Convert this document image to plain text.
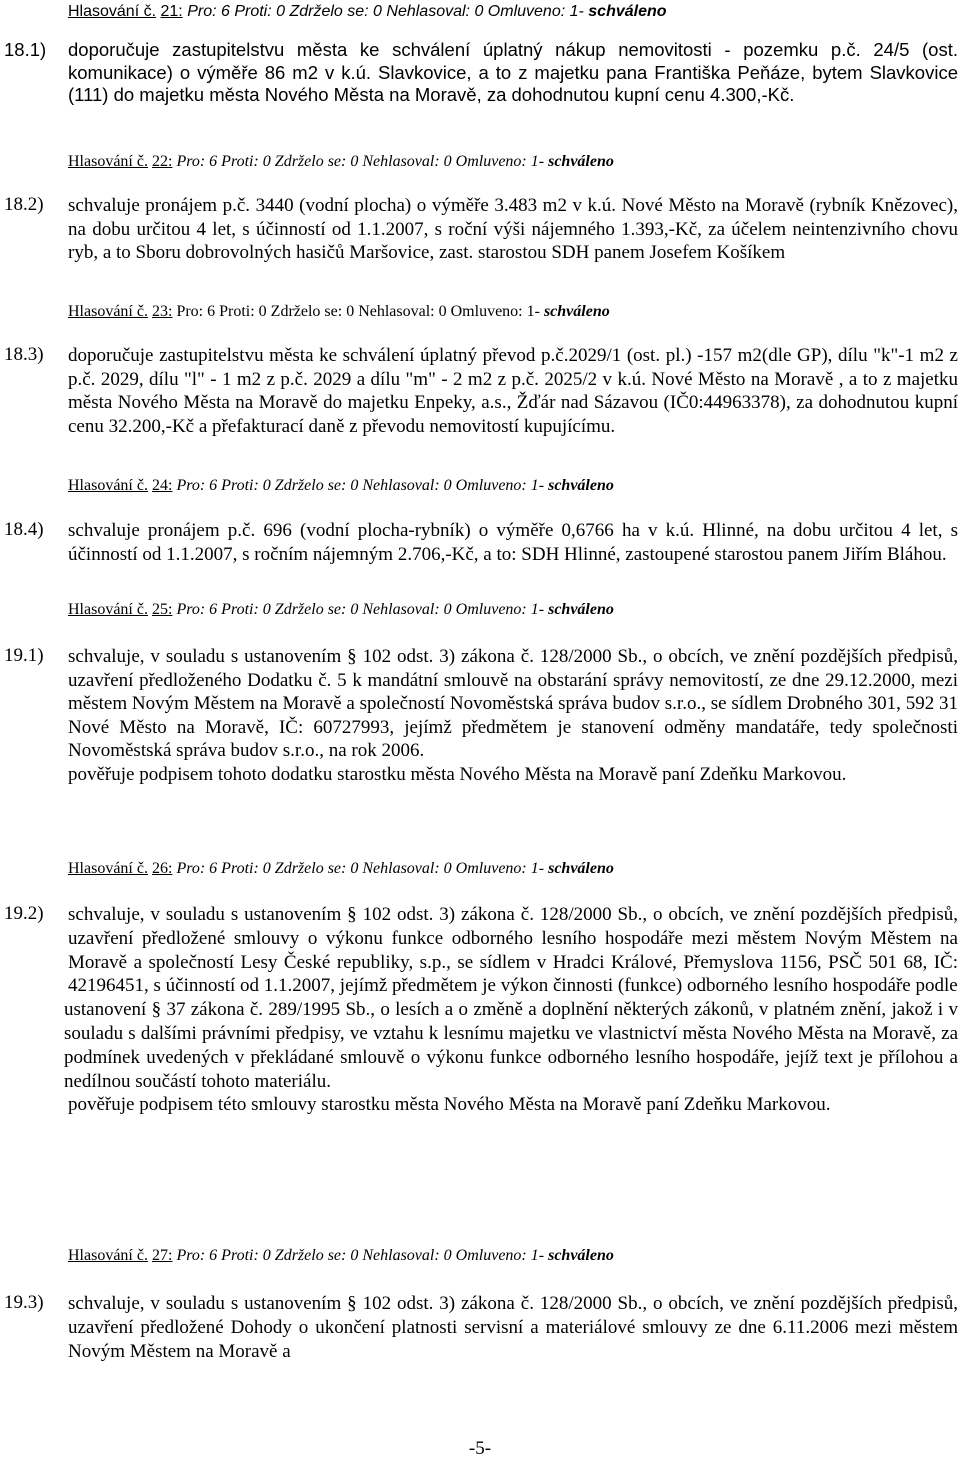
Hlasování č. 21: Pro: 6 Proti: 0 Zdrželo se: 0 Nehlasoval: 0 Omluveno: 1- schváleno
18.1) doporučuje zastupitelstvu města ke schválení úplatný nákup nemovitosti - pozemku p.č. 24/5 (ost. komunikace) o výměře 86 m2 v k.ú. Slavkovice, a to z majetku pana Františka Peňáze, bytem Slavkovice (111) do majetku města Nového Města na Moravě, za dohodnutou kupní cenu 4.300,-Kč.
Hlasování č. 22: Pro: 6 Proti: 0 Zdrželo se: 0 Nehlasoval: 0 Omluveno: 1- schváleno
18.2) schvaluje pronájem p.č. 3440 (vodní plocha) o výměře 3.483 m2 v k.ú. Nové Město na Moravě (rybník Knězovec), na dobu určitou 4 let, s účinností od 1.1.2007, s roční výši nájemného 1.393,-Kč, za účelem neintenzivního chovu ryb, a to Sboru dobrovolných hasičů Maršovice, zast. starostou SDH panem Josefem Košíkem
Hlasování č. 23: Pro: 6 Proti: 0 Zdrželo se: 0 Nehlasoval: 0 Omluveno: 1- schváleno
18.3) doporučuje zastupitelstvu města ke schválení úplatný převod p.č.2029/1 (ost. pl.) -157 m2(dle GP), dílu "k"-1 m2 z p.č. 2029, dílu "l" - 1 m2 z p.č. 2029 a dílu "m" - 2 m2 z p.č. 2025/2 v k.ú. Nové Město na Moravě , a to z majetku města Nového Města na Moravě do majetku Enpeky, a.s., Žďár nad Sázavou (IČ0:44963378), za dohodnutou kupní cenu 32.200,-Kč a přefakturací daně z převodu nemovitostí kupujícímu.
Hlasování č. 24: Pro: 6 Proti: 0 Zdrželo se: 0 Nehlasoval: 0 Omluveno: 1- schváleno
18.4) schvaluje pronájem p.č. 696 (vodní plocha-rybník) o výměře 0,6766 ha v k.ú. Hlinné, na dobu určitou 4 let, s účinností od 1.1.2007, s ročním nájemným 2.706,-Kč, a to: SDH Hlinné, zastoupené starostou panem Jiřím Bláhou.
Hlasování č. 25: Pro: 6 Proti: 0 Zdrželo se: 0 Nehlasoval: 0 Omluveno: 1- schváleno
19.1) schvaluje, v souladu s ustanovením § 102 odst. 3) zákona č. 128/2000 Sb., o obcích, ve znění pozdějších předpisů, uzavření předloženého Dodatku č. 5 k mandátní smlouvě na obstarání správy nemovitostí, ze dne 29.12.2000, mezi městem Novým Městem na Moravě a společností Novoměstská správa budov s.r.o., se sídlem Drobného 301, 592 31 Nové Město na Moravě, IČ: 60727993, jejímž předmětem je stanovení odměny mandatáře, tedy společnosti Novoměstská správa budov s.r.o., na rok 2006.
pověřuje podpisem tohoto dodatku starostku města Nového Města na Moravě paní Zdeňku Markovou.
Hlasování č. 26: Pro: 6 Proti: 0 Zdrželo se: 0 Nehlasoval: 0 Omluveno: 1- schváleno
19.2) schvaluje, v souladu s ustanovením § 102 odst. 3) zákona č. 128/2000 Sb., o obcích, ve znění pozdějších předpisů, uzavření předložené smlouvy o výkonu funkce odborného lesního hospodáře mezi městem Novým Městem na Moravě a společností Lesy České republiky, s.p., se sídlem v Hradci Králové, Přemyslova 1156, PSČ 501 68, IČ: 42196451, s účinností od 1.1.2007, jejímž předmětem je výkon činnosti (funkce) odborného lesního hospodáře podle
ustanovení § 37 zákona č. 289/1995 Sb., o lesích a o změně a doplnění některých zákonů, v platném znění, jakož i v souladu s dalšími právními předpisy, ve vztahu k lesnímu majetku ve vlastnictví města Nového Města na Moravě, za podmínek uvedených v překládané smlouvě o výkonu funkce odborného lesního hospodáře, jejíž text je přílohou a nedílnou součástí tohoto materiálu.
pověřuje podpisem této smlouvy starostku města Nového Města na Moravě paní Zdeňku Markovou.
Hlasování č. 27: Pro: 6 Proti: 0 Zdrželo se: 0 Nehlasoval: 0 Omluveno: 1- schváleno
19.3) schvaluje, v souladu s ustanovením § 102 odst. 3) zákona č. 128/2000 Sb., o obcích, ve znění pozdějších předpisů, uzavření předložené Dohody o ukončení platnosti servisní a materiálové smlouvy ze dne 6.11.2006 mezi městem Novým Městem na Moravě a
-5-
